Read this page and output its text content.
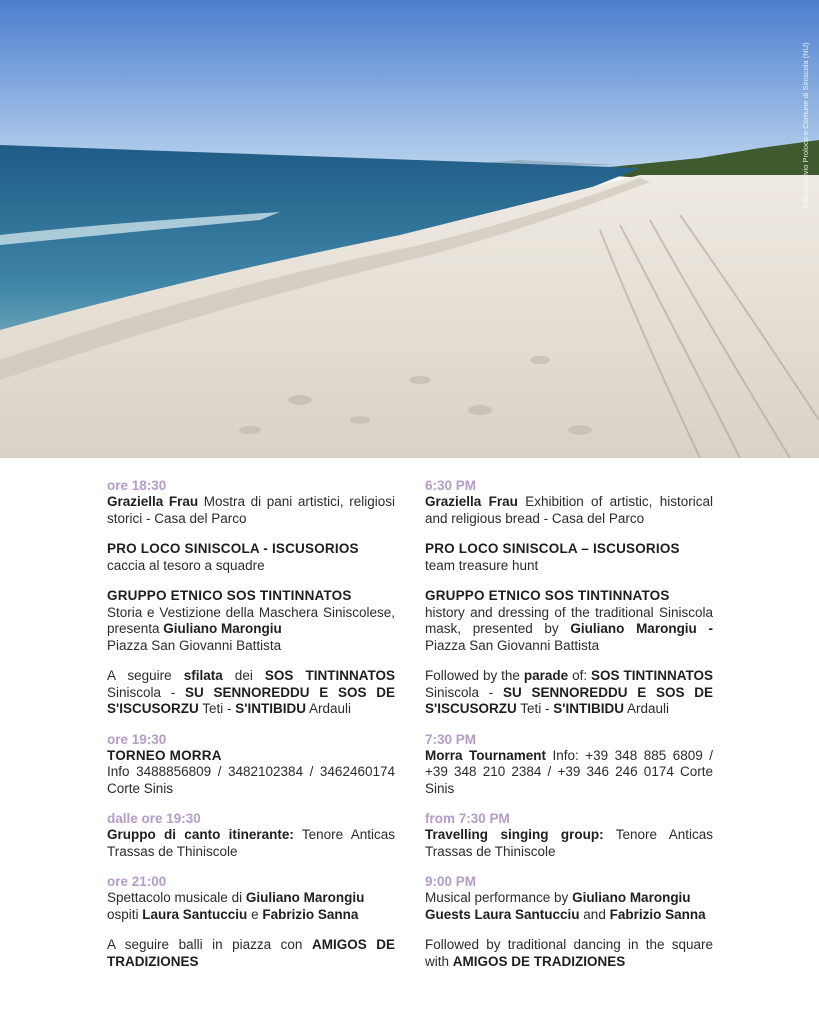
Foto Archivio Proloco e Comune di Siniscola (NU)
ore 18:30

Graziella Frau Mostra di pani artistici, religiosi storici - Casa del Parco

PRO LOCO SINISCOLA - ISCUSORIOS

caccia al tesoro a squadre

GRUPPO ETNICO SOS TINTINNATOS

Storia e Vestizione della Maschera Siniscolese, presenta Giuliano Marongiu

Piazza San Giovanni Battista

A seguire sfilata dei SOS TINTINNATOS Siniscola - SU SENNOREDDU E SOS DE S'ISCUSORZU Teti - S'INTIBIDU Ardauli

ore 19:30

TORNEO MORRA

Info 3488856809 / 3482102384 / 3462460174 Corte Sinis

dalle ore 19:30

Gruppo di canto itinerante: Tenore Anticas Trassas de Thiniscole

ore 21:00

Spettacolo musicale di Giuliano Marongiu

ospiti Laura Santucciu e Fabrizio Sanna

A seguire balli in piazza con AMIGOS DE TRADIZIONES

6:30 PM

Graziella Frau Exhibition of artistic, historical and religious bread - Casa del Parco

PRO LOCO SINISCOLA – ISCUSORIOS

team treasure hunt

GRUPPO ETNICO SOS TINTINNATOS

history and dressing of the traditional Siniscola mask, presented by Giuliano Marongiu - Piazza San Giovanni Battista

Followed by the parade of: SOS TINTINNATOS Siniscola - SU SENNOREDDU E SOS DE S'ISCUSORZU Teti - S'INTIBIDU Ardauli

7:30 PM

Morra Tournament Info: +39 348 885 6809 / +39 348 210 2384 / +39 346 246 0174 Corte Sinis

from 7:30 PM

Travelling singing group: Tenore Anticas Trassas de Thiniscole

9:00 PM

Musical performance by Giuliano Marongiu

Guests Laura Santucciu and Fabrizio Sanna

Followed by traditional dancing in the square with AMIGOS DE TRADIZIONES
